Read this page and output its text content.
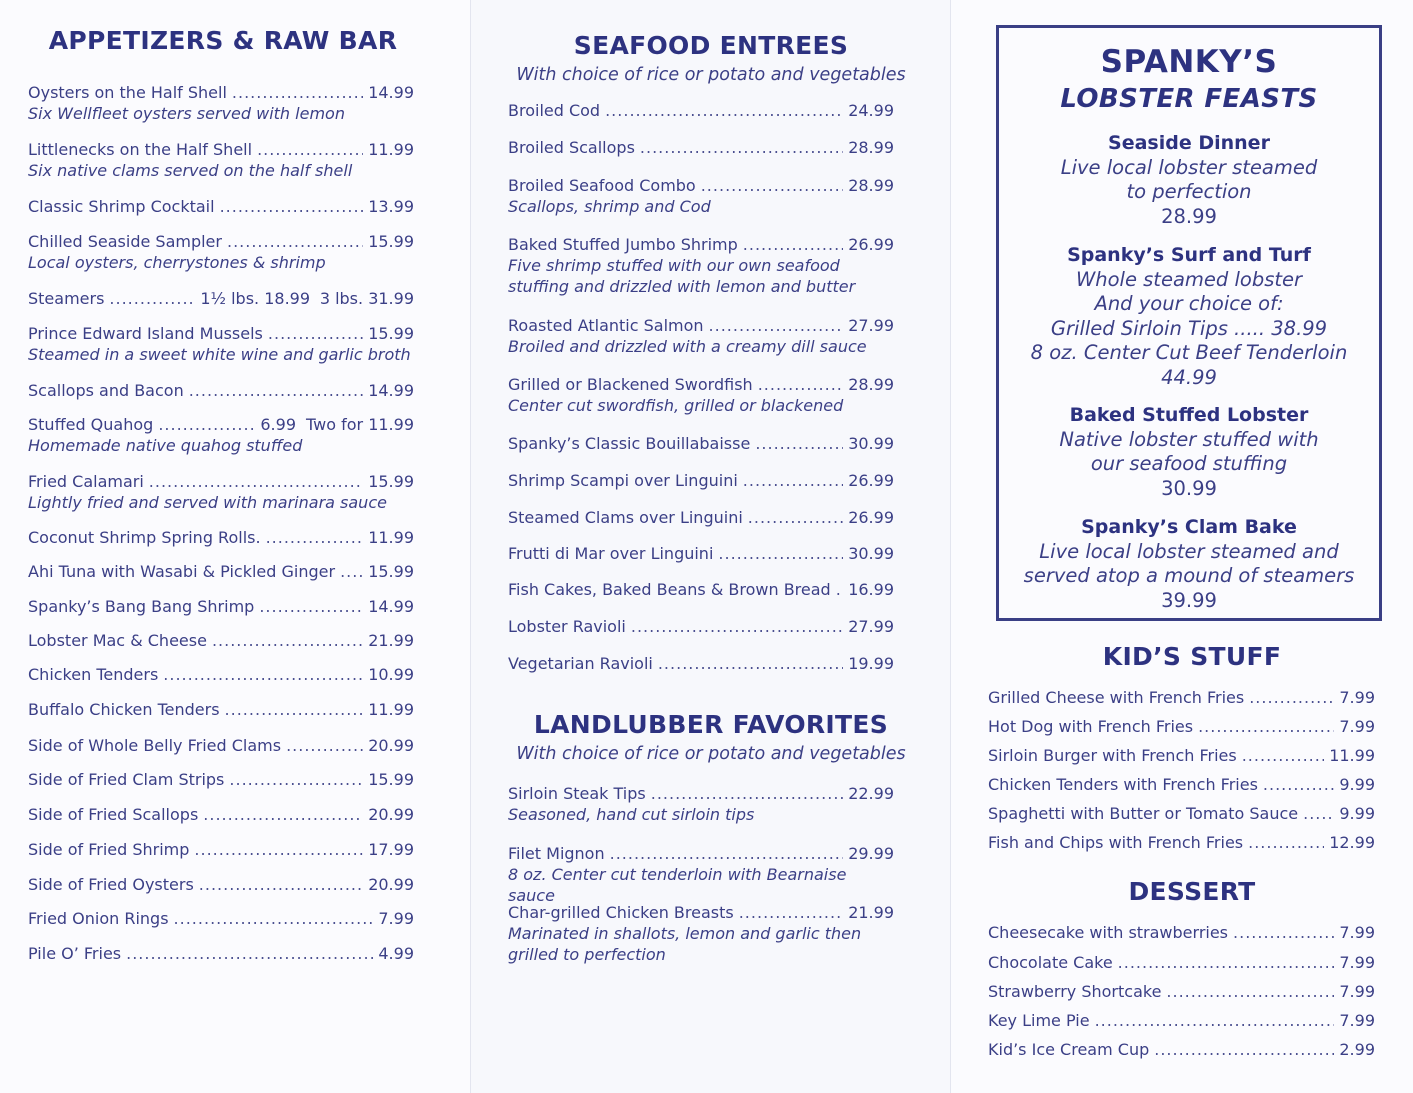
APPETIZERS & RAW BAR	SEAFOOD ENTREES

With choice of rice or potato and vegetables

LANDLUBBER FAVORITES

With choice of rice or potato and vegetables

Oysters on the Half Shell .....	14.99
Six Wellfleet oysters served with lemon
Littlenecks on the Half Shell .....	11.99
Six native clams served on the half shell
Classic Shrimp Cocktail .....	13.99
Chilled Seaside Sampler .....	15.99
Local oysters, cherrystones & shrimp
Steamers .....	1½ lbs. 18.99 3 lbs. 31.99
Prince Edward Island Mussels .....	15.99
Steamed in a sweet white wine and garlic broth
Scallops and Bacon .....	14.99
Stuffed Quahog .....	6.99 Two for 11.99
Homemade native quahog stuffed
Fried Calamari .....	15.99
Lightly fried and served with marinara sauce
Coconut Shrimp Spring Rolls. .....	11.99
Ahi Tuna with Wasabi & Pickled Ginger ..... 15.99
Spanky’s Bang Bang Shrimp .....	14.99
Lobster Mac & Cheese .....	21.99
Chicken Tenders .....	10.99
Buffalo Chicken Tenders .....	11.99
Side of Whole Belly Fried Clams .....	20.99
Side of Fried Clam Strips .....	15.99
Side of Fried Scallops .....	20.99
Side of Fried Shrimp .....	17.99
Side of Fried Oysters .....	20.99
Fried Onion Rings .....	7.99
Pile O’ Fries .....	4.99
Broiled Cod .....	24.99
Broiled Scallops .....	28.99
Broiled Seafood Combo .....	28.99
Scallops, shrimp and Cod
Baked Stuffed Jumbo Shrimp .....	26.99
Five shrimp stuffed with our own seafood stuffing and drizzled with lemon and butter
Roasted Atlantic Salmon .....	27.99
Broiled and drizzled with a creamy dill sauce
Grilled or Blackened Swordfish .....	28.99
Center cut swordfish, grilled or blackened
Spanky’s Classic Bouillabaisse .....	30.99
Shrimp Scampi over Linguini .....	26.99
Steamed Clams over Linguini .....	26.99
Frutti di Mar over Linguini .....	30.99
Fish Cakes, Baked Beans & Brown Bread ..... 16.99
Lobster Ravioli .....	27.99
Vegetarian Ravioli .....	19.99
Sirloin Steak Tips .....	22.99
Seasoned, hand cut sirloin tips
Filet Mignon .....	29.99
8 oz. Center cut tenderloin with Bearnaise sauce
Char-grilled Chicken Breasts .....	21.99
Marinated in shallots, lemon and garlic then grilled to perfection
SPANKY’S
LOBSTER FEASTS
Seaside Dinner
Live local lobster steamed
to perfection
28.99
Spanky’s Surf and Turf
Whole steamed lobster
And your choice of:
Grilled Sirloin Tips ..... 38.99
8 oz. Center Cut Beef Tenderloin
44.99
Baked Stuffed Lobster
Native lobster stuffed with
our seafood stuffing
30.99
Spanky’s Clam Bake
Live local lobster steamed and
served atop a mound of steamers
39.99
KID’S STUFF
Grilled Cheese with French Fries .....	7.99
Hot Dog with French Fries .....	7.99
Sirloin Burger with French Fries .....	11.99
Chicken Tenders with French Fries .....	9.99
Spaghetti with Butter or Tomato Sauce .....	9.99
Fish and Chips with French Fries .....	12.99
DESSERT
Cheesecake with strawberries .....	7.99
Chocolate Cake .....	7.99
Strawberry Shortcake .....	7.99
Key Lime Pie .....	7.99
Kid’s Ice Cream Cup .....	2.99
